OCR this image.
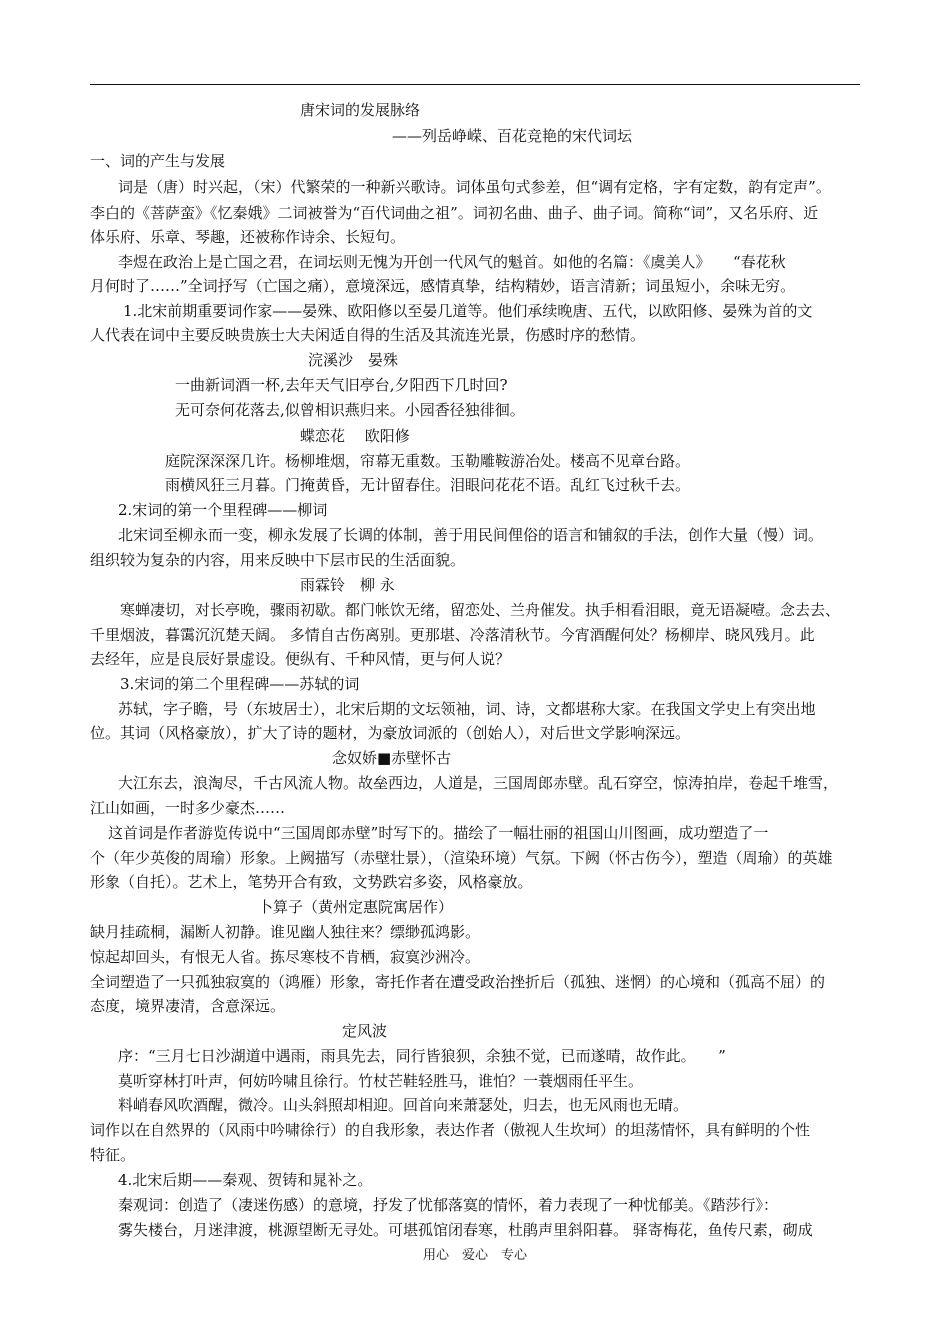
唐宋词的发展脉络
——列岳峥嵘、百花竞艳的宋代词坛
一、词的产生与发展
词是（唐）时兴起，（宋）代繁荣的一种新兴歌诗。词体虽句式参差，但“调有定格，字有定数，韵有定声”。
李白的《菩萨蛮》《忆秦娥》二词被誉为“百代词曲之祖”。词初名曲、曲子、曲子词。简称“词”，又名乐府、近
体乐府、乐章、琴趣，还被称作诗余、长短句。
李煜在政治上是亡国之君，在词坛则无愧为开创一代风气的魁首。如他的名篇：《虞美人》　　“春花秋
月何时了……”全词抒写（亡国之痛），意境深远，感情真挚，结构精妙，语言清新；词虽短小，余味无穷。
1.北宋前期重要词作家——晏殊、欧阳修以至晏几道等。他们承续晚唐、五代，以欧阳修、晏殊为首的文
人代表在词中主要反映贵族士大夫闲适自得的生活及其流连光景，伤感时序的愁情。
浣溪沙　晏殊
一曲新词酒一杯,去年天气旧亭台,夕阳西下几时回?
无可奈何花落去,似曾相识燕归来。小园香径独徘徊。
蝶恋花　 欧阳修
庭院深深深几许。杨柳堆烟，帘幕无重数。玉勒雕鞍游冶处。楼高不见章台路。
雨横风狂三月暮。门掩黄昏，无计留春住。泪眼问花花不语。乱红飞过秋千去。
2.宋词的第一个里程碑——柳词
北宋词至柳永而一变，柳永发展了长调的体制，善于用民间俚俗的语言和铺叙的手法，创作大量（慢）词。
组织较为复杂的内容，用来反映中下层市民的生活面貌。
雨霖铃　柳 永
寒蝉凄切，对长亭晚，骤雨初歇。都门帐饮无绪，留恋处、兰舟催发。执手相看泪眼，竟无语凝噎。念去去、
千里烟波，暮霭沉沉楚天阔。 多情自古伤离别。更那堪、冷落清秋节。今宵酒醒何处？杨柳岸、晓风残月。此
去经年，应是良辰好景虚设。便纵有、千种风情，更与何人说？
3.宋词的第二个里程碑——苏轼的词
苏轼，字子瞻，号（东坡居士），北宋后期的文坛领袖，词、诗，文都堪称大家。在我国文学史上有突出地
位。其词（风格豪放），扩大了诗的题材，为豪放词派的（创始人），对后世文学影响深远。
念奴娇■赤壁怀古
大江东去，浪淘尽，千古风流人物。故垒西边，人道是，三国周郎赤壁。乱石穿空，惊涛拍岸，卷起千堆雪，
江山如画，一时多少豪杰……
这首词是作者游览传说中“三国周郎赤壁”时写下的。描绘了一幅壮丽的祖国山川图画，成功塑造了一
个（年少英俊的周瑜）形象。上阙描写（赤壁壮景），（渲染环境）气氛。下阙（怀古伤今），塑造（周瑜）的英雄
形象（自托）。艺术上，笔势开合有致，文势跌宕多姿，风格豪放。
卜算子（黄州定惠院寓居作）
缺月挂疏桐，漏断人初静。谁见幽人独往来？缥缈孤鸿影。
惊起却回头，有恨无人省。拣尽寒枝不肯栖，寂寞沙洲冷。
全词塑造了一只孤独寂寞的（鸿雁）形象，寄托作者在遭受政治挫折后（孤独、迷惘）的心境和（孤高不屈）的
态度，境界凄清，含意深远。
定风波
序：“三月七日沙湖道中遇雨，雨具先去，同行皆狼狈，余独不觉，已而遂晴，故作此。　　”
莫听穿林打叶声，何妨吟啸且徐行。竹杖芒鞋轻胜马，谁怕？一蓑烟雨任平生。
料峭春风吹酒醒，微冷。山头斜照却相迎。回首向来萧瑟处，归去，也无风雨也无晴。
词作以在自然界的（风雨中吟啸徐行）的自我形象，表达作者（傲视人生坎坷）的坦荡情怀，具有鲜明的个性
特征。
4.北宋后期——秦观、贺铸和晁补之。
秦观词：创造了（凄迷伤感）的意境，抒发了忧郁落寞的情怀，着力表现了一种忧郁美。《踏莎行》：
雾失楼台，月迷津渡，桃源望断无寻处。可堪孤馆闭春寒，杜鹃声里斜阳暮。 驿寄梅花，鱼传尺素，砌成
用心　爱心　专心
